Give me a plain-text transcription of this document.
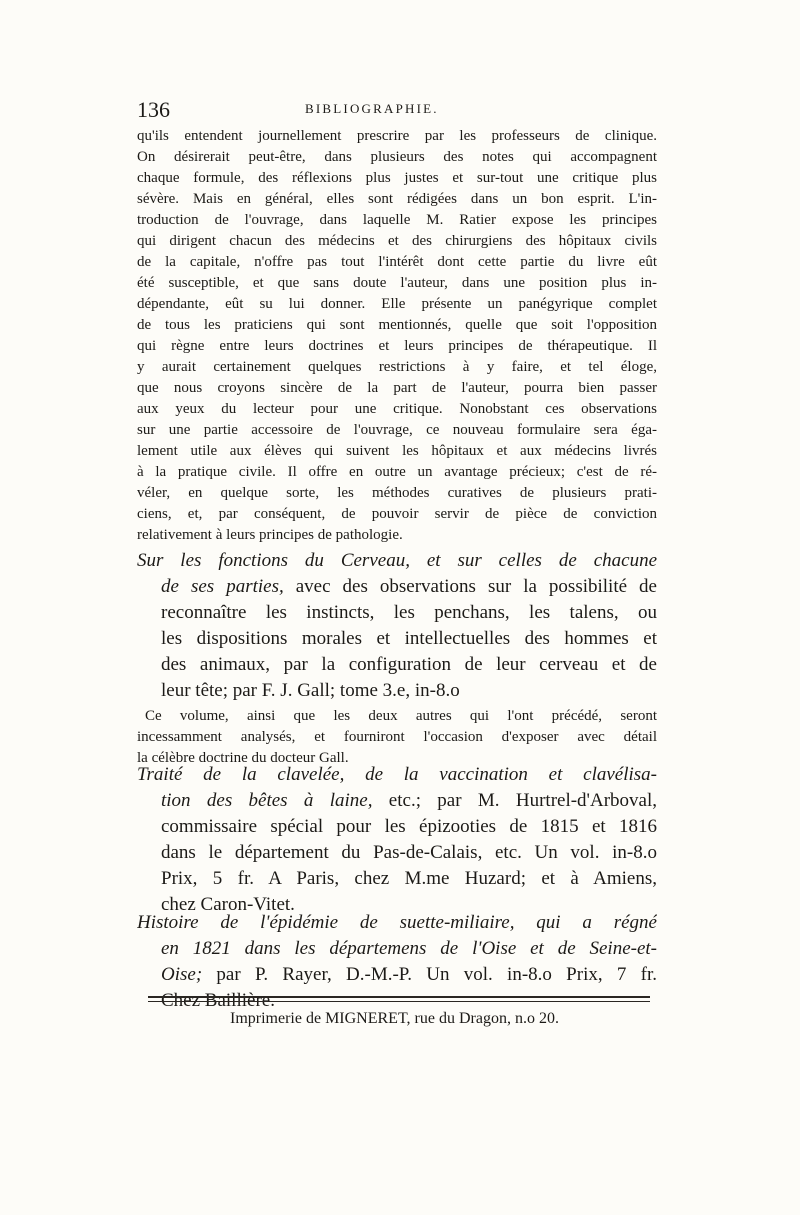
136	BIBLIOGRAPHIE.
qu'ils entendent journellement prescrire par les professeurs de clinique.
On désirerait peut-être, dans plusieurs des notes qui accompagnent
chaque formule, des réflexions plus justes et sur-tout une critique plus
sévère. Mais en général, elles sont rédigées dans un bon esprit. L'in-
troduction de l'ouvrage, dans laquelle M. Ratier expose les principes
qui dirigent chacun des médecins et des chirurgiens des hôpitaux civils
de la capitale, n'offre pas tout l'intérêt dont cette partie du livre eût
été susceptible, et que sans doute l'auteur, dans une position plus in-
dépendante, eût su lui donner. Elle présente un panégyrique complet
de tous les praticiens qui sont mentionnés, quelle que soit l'opposition
qui règne entre leurs doctrines et leurs principes de thérapeutique. Il
y aurait certainement quelques restrictions à y faire, et tel éloge,
que nous croyons sincère de la part de l'auteur, pourra bien passer
aux yeux du lecteur pour une critique. Nonobstant ces observations
sur une partie accessoire de l'ouvrage, ce nouveau formulaire sera éga-
lement utile aux élèves qui suivent les hôpitaux et aux médecins livrés
à la pratique civile. Il offre en outre un avantage précieux; c'est de ré-
véler, en quelque sorte, les méthodes curatives de plusieurs prati-
ciens, et, par conséquent, de pouvoir servir de pièce de conviction
relativement à leurs principes de pathologie.
Sur les fonctions du Cerveau, et sur celles de chacune
de ses parties, avec des observations sur la possibilité de
reconnaître les instincts, les penchans, les talens, ou
les dispositions morales et intellectuelles des hommes et
des animaux, par la configuration de leur cerveau et de
leur tête; par F. J. Gall; tome 3.e, in-8.o
Ce volume, ainsi que les deux autres qui l'ont précédé, seront
incessamment analysés, et fourniront l'occasion d'exposer avec détail
la célèbre doctrine du docteur Gall.
Traité de la clavelée, de la vaccination et clavélisa-
tion des bêtes à laine, etc.; par M. Hurtrel-d'Arboval,
commissaire spécial pour les épizooties de 1815 et 1816
dans le département du Pas-de-Calais, etc. Un vol. in-8.o
Prix, 5 fr. A Paris, chez M.me Huzard; et à Amiens,
chez Caron-Vitet.
Histoire de l'épidémie de suette-miliaire, qui a régné
en 1821 dans les départemens de l'Oise et de Seine-et-
Oise; par P. Rayer, D.-M.-P. Un vol. in-8.o Prix, 7 fr.
Imprimerie de MIGNERET, rue du Dragon, n.o 20.
